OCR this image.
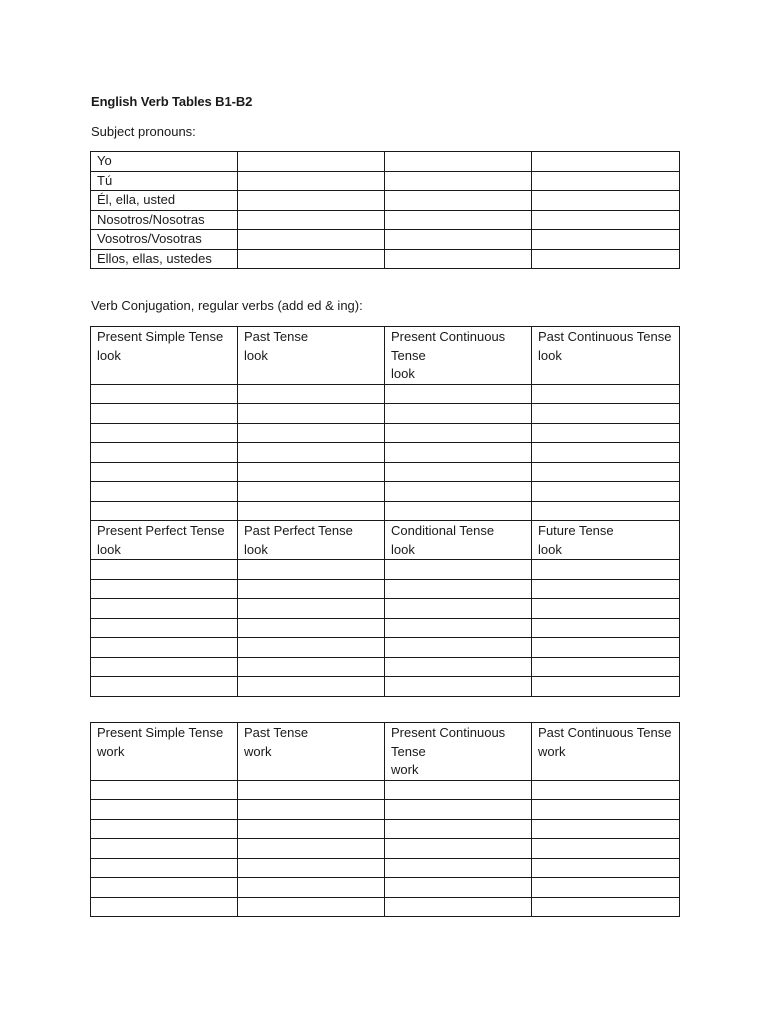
English Verb Tables B1-B2
Subject pronouns:
Yo			
Tú			
Él, ella, usted			
Nosotros/Nosotras			
Vosotros/Vosotras			
Ellos, ellas, ustedes			
Verb Conjugation, regular verbs (add ed & ing):
Present Simple Tense
look	Past Tense
look	Present Continuous
Tense
look	Past Continuous Tense
look

Present Perfect Tense
look	Past Perfect Tense
look	Conditional Tense
look	Future Tense
look

Present Simple Tense
work	Past Tense
work	Present Continuous
Tense
work	Past Continuous Tense
work
